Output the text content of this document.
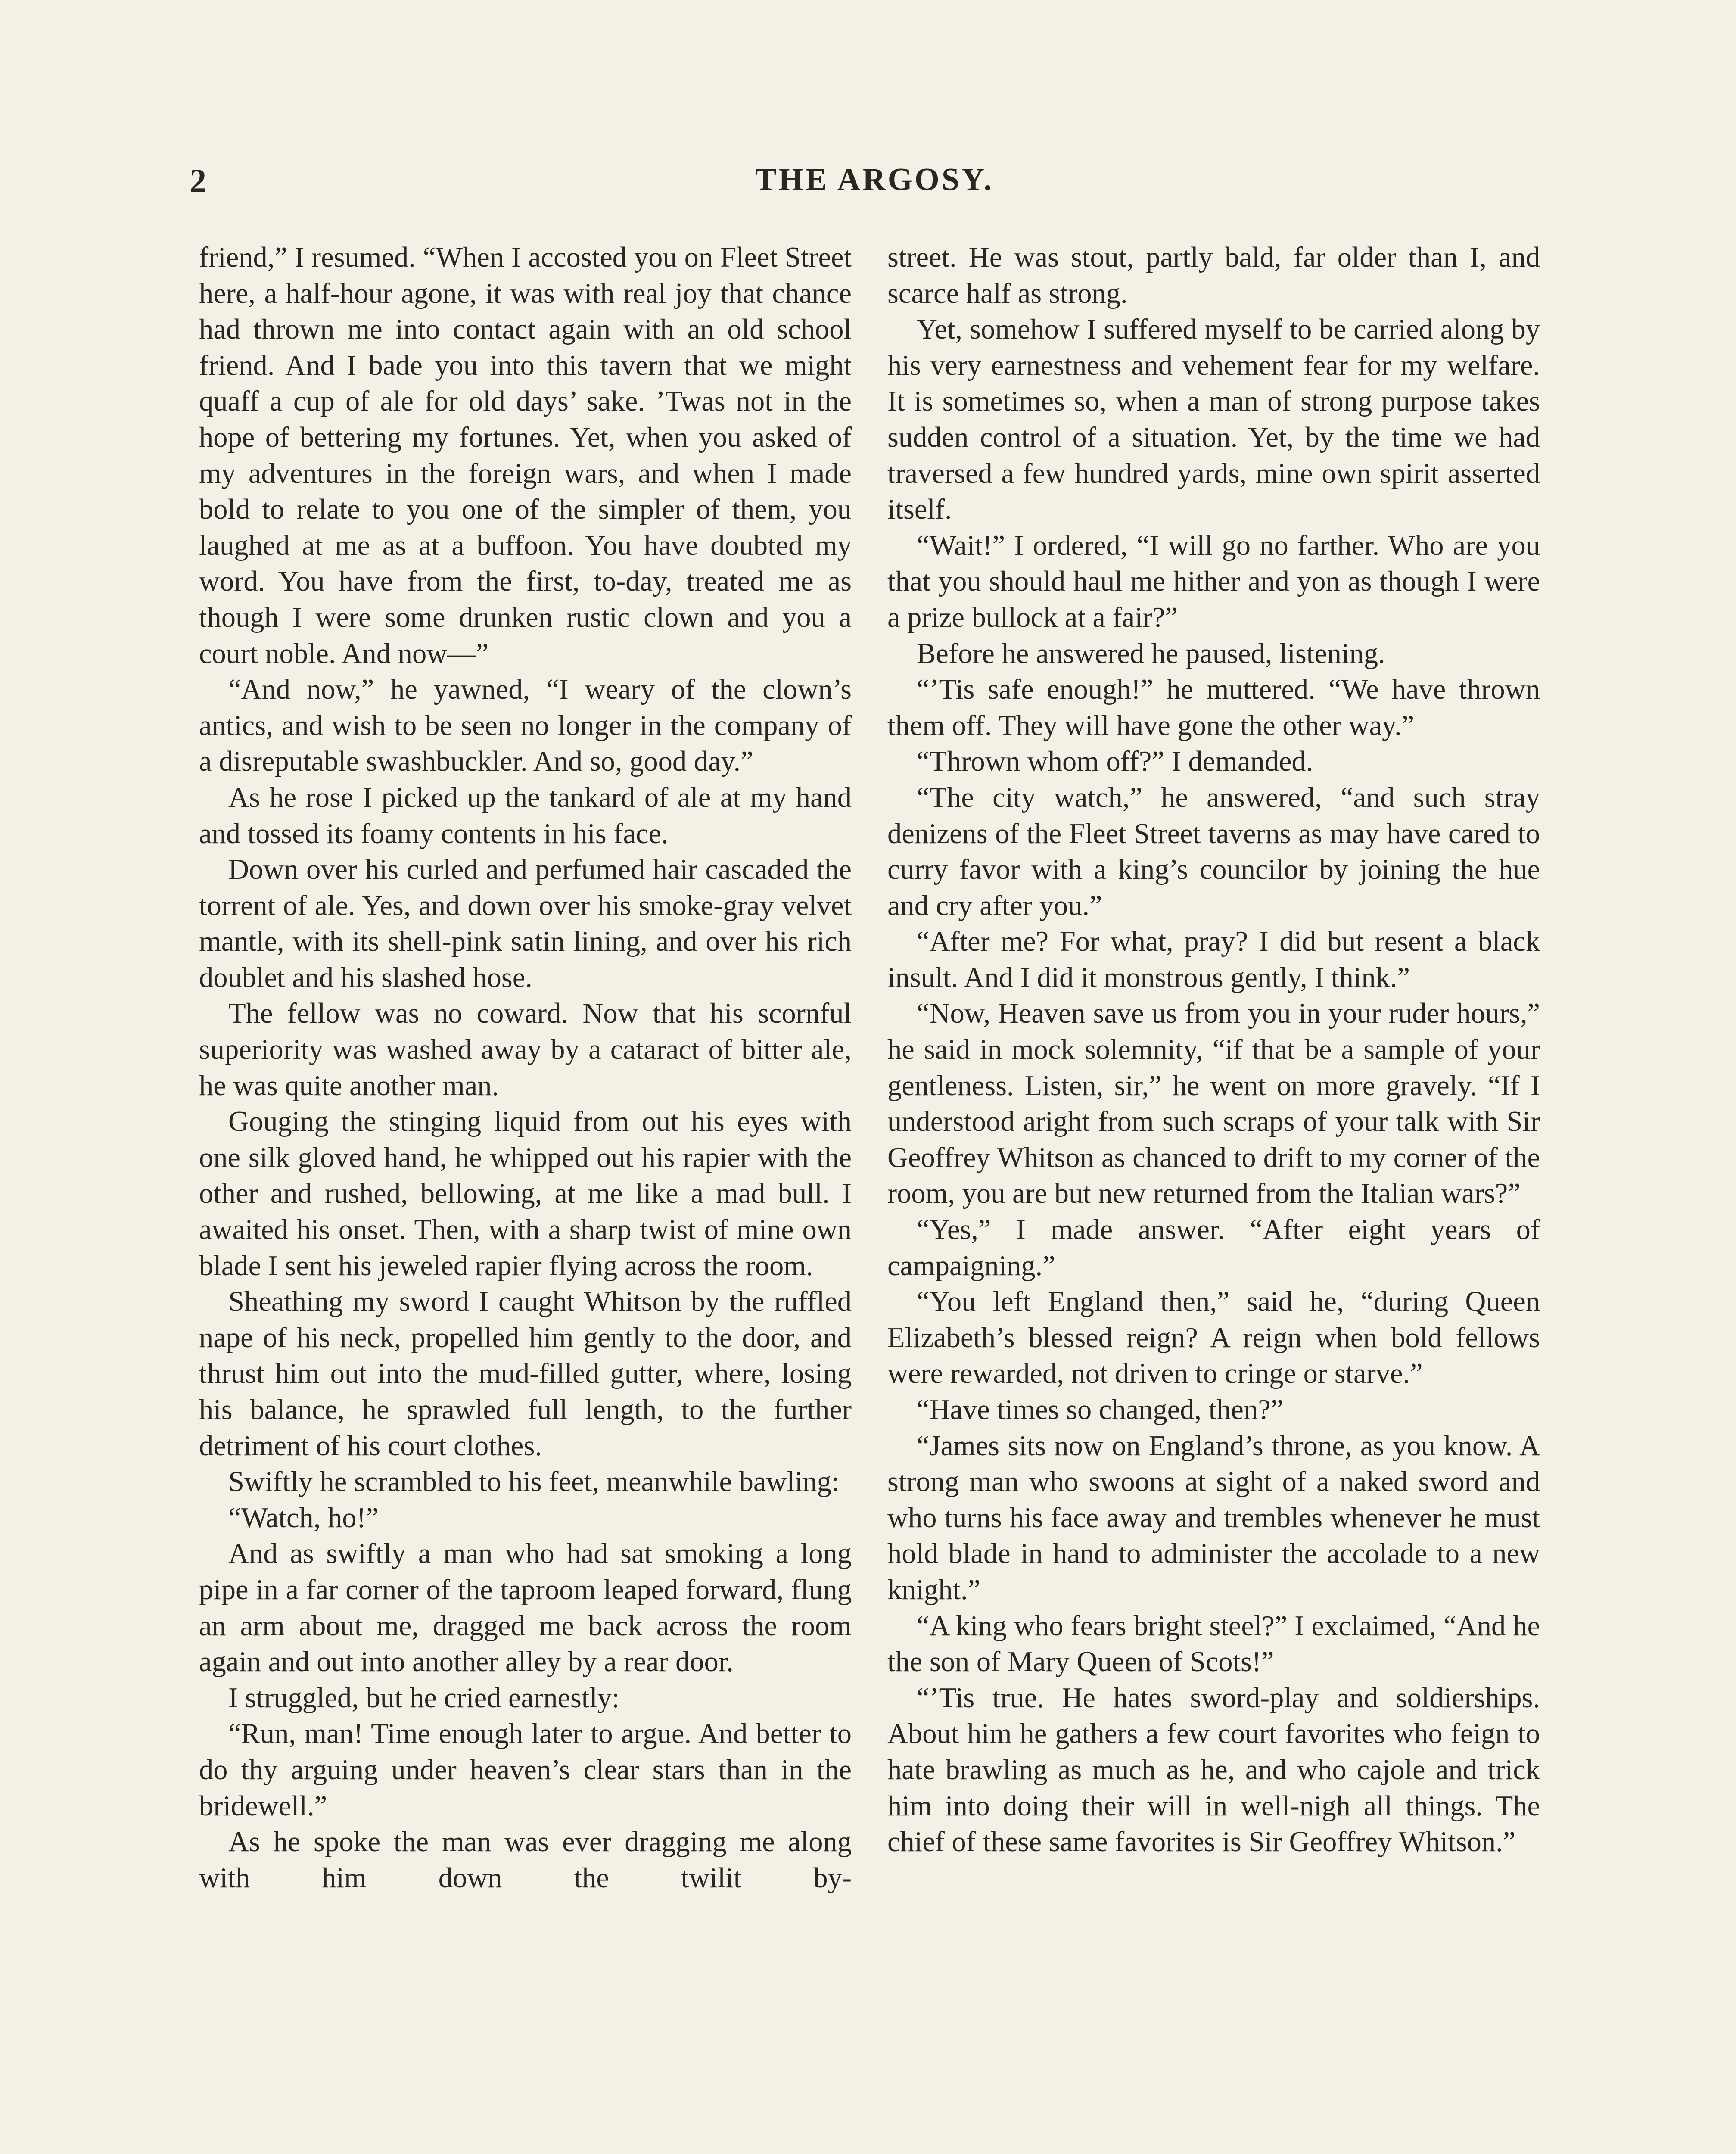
2	THE ARGOSY.

friend,” I resumed. “When I accosted you on Fleet Street here, a half-hour agone, it was with real joy that chance had thrown me into contact again with an old school friend. And I bade you into this tavern that we might quaff a cup of ale for old days’ sake. ’Twas not in the hope of bettering my fortunes. Yet, when you asked of my adventures in the foreign wars, and when I made bold to relate to you one of the simpler of them, you laughed at me as at a buffoon. You have doubted my word. You have from the first, to-day, treated me as though I were some drunken rustic clown and you a court noble. And now—”

“And now,” he yawned, “I weary of the clown’s antics, and wish to be seen no longer in the company of a disreputable swashbuckler. And so, good day.”

As he rose I picked up the tankard of ale at my hand and tossed its foamy contents in his face.

Down over his curled and perfumed hair cascaded the torrent of ale. Yes, and down over his smoke-gray velvet mantle, with its shell-pink satin lining, and over his rich doublet and his slashed hose.

The fellow was no coward. Now that his scornful superiority was washed away by a cataract of bitter ale, he was quite another man.

Gouging the stinging liquid from out his eyes with one silk gloved hand, he whipped out his rapier with the other and rushed, bellowing, at me like a mad bull. I awaited his onset. Then, with a sharp twist of mine own blade I sent his jeweled rapier flying across the room.

Sheathing my sword I caught Whitson by the ruffled nape of his neck, propelled him gently to the door, and thrust him out into the mud-filled gutter, where, losing his balance, he sprawled full length, to the further detriment of his court clothes.

Swiftly he scrambled to his feet, meanwhile bawling:

“Watch, ho!”

And as swiftly a man who had sat smoking a long pipe in a far corner of the taproom leaped forward, flung an arm about me, dragged me back across the room again and out into another alley by a rear door.

I struggled, but he cried earnestly:

“Run, man! Time enough later to argue. And better to do thy arguing under heaven’s clear stars than in the bridewell.”

As he spoke the man was ever dragging me along with him down the twilit by-

street. He was stout, partly bald, far older than I, and scarce half as strong.

Yet, somehow I suffered myself to be carried along by his very earnestness and vehement fear for my welfare. It is sometimes so, when a man of strong purpose takes sudden control of a situation. Yet, by the time we had traversed a few hundred yards, mine own spirit asserted itself.

“Wait!” I ordered, “I will go no farther. Who are you that you should haul me hither and yon as though I were a prize bullock at a fair?”

Before he answered he paused, listening.

“’Tis safe enough!” he muttered. “We have thrown them off. They will have gone the other way.”

“Thrown whom off?” I demanded.

“The city watch,” he answered, “and such stray denizens of the Fleet Street taverns as may have cared to curry favor with a king’s councilor by joining the hue and cry after you.”

“After me? For what, pray? I did but resent a black insult. And I did it monstrous gently, I think.”

“Now, Heaven save us from you in your ruder hours,” he said in mock solemnity, “if that be a sample of your gentleness. Listen, sir,” he went on more gravely. “If I understood aright from such scraps of your talk with Sir Geoffrey Whitson as chanced to drift to my corner of the room, you are but new returned from the Italian wars?”

“Yes,” I made answer. “After eight years of campaigning.”

“You left England then,” said he, “during Queen Elizabeth’s blessed reign? A reign when bold fellows were rewarded, not driven to cringe or starve.”

“Have times so changed, then?”

“James sits now on England’s throne, as you know. A strong man who swoons at sight of a naked sword and who turns his face away and trembles whenever he must hold blade in hand to administer the accolade to a new knight.”

“A king who fears bright steel?” I exclaimed, “And he the son of Mary Queen of Scots!”

“’Tis true. He hates sword-play and soldierships. About him he gathers a few court favorites who feign to hate brawling as much as he, and who cajole and trick him into doing their will in well-nigh all things. The chief of these same favorites is Sir Geoffrey Whitson.”
